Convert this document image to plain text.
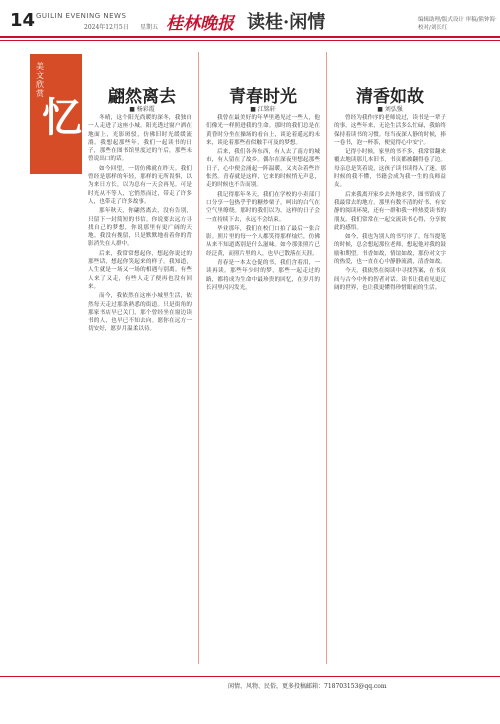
14 GUILIN EVENING NEWS
2024年12月5日 星期五 桂林晚报 读桂·闲情	编辑助理/版式设计 审稿/熊钟海·校对/刘长红
美文欣赏
忆	翩然离去
■ 杨彩霞

冬晴，这个阳光尚暖的深冬，我独自一人走进了这座小城。阳光透过窗户洒在地面上，光影斑驳，仿佛旧时光缓缓流淌。我想起那些年，我们一起读书的日子，那些在图书馆里度过的午后，那些未曾说出口的话。

如今回望，一切仿佛就在昨天。我们曾经是那样的年轻，那样的无所畏惧，以为来日方长，以为总有一天会再见。可是时光从不等人，它悄然而过，带走了许多人，也带走了许多故事。

那年秋天，你翩然离去，没有告别，只留下一封简短的书信。你说要去远方寻找自己的梦想，你说那里有更广阔的天地。我没有挽留，只是默默地看着你的背影消失在人群中。

后来，我常常想起你，想起你说过的那些话，想起你笑起来的样子。我知道，人生就是一场又一场的相遇与别离。有些人来了又走，有些人走了便再也没有回来。

而今，我依然在这座小城里生活，依然每天走过那条熟悉的街道。只是街角的那家书店早已关门，那个曾经坐在窗边读书的人，也早已不知去向。愿你在远方一切安好，愿岁月温柔以待。

青春时光
■ 江铭轩

我曾在最美好的年华里遇见过一些人，他们像光一样照进我的生命。那时的我们总是在黄昏时分坐在操场的看台上，谈论着遥远的未来，谈论着那些看似触手可及的梦想。

后来，我们各奔东西，有人去了南方的城市，有人留在了故乡。偶尔在深夜里想起那些日子，心中便会涌起一阵温暖，又夹杂着些许怅然。青春就是这样，它来的时候悄无声息，走的时候也不告而别。

我记得那年冬天，我们在学校的小卖部门口分享一包热乎乎的糖炒栗子，呵出的白气在空气里缭绕。那时的我们以为，这样的日子会一直持续下去，永远不会结束。

毕业那年，我们在校门口拍了最后一张合影。照片里的每一个人都笑得那样灿烂，仿佛从来不知道离别是什么滋味。如今那张照片已经泛黄，而照片里的人，也早已散落在天涯。

青春是一本太仓促的书，我们含着泪，一读再读。那些年少时的梦，那些一起走过的路，都将成为生命中最珍贵的回忆，在岁月的长河里闪闪发光。

清香如故
■ 刘弘强

曾经为我作序的老师说过，读书是一辈子的事。这些年来，无论生活多么忙碌，我始终保持着读书的习惯。每当夜深人静的时候，捧一卷书，泡一杯茶，便觉得心中安宁。

记得小时候，家里的书不多，我常常翻来覆去地读那几本旧书，书页都被翻得卷了边。母亲总是笑着说，这孩子读书读得入了迷。那时候的我不懂，书籍会成为我一生的良师益友。

后来我离开家乡去外地求学，图书馆成了我最常去的地方。那里有数不清的好书，有安静的阅读环境，还有一群和我一样热爱读书的朋友。我们常常在一起交流读书心得，分享彼此的感悟。

如今，我也为别人的书写序了。每当提笔的时候，总会想起那位老师，想起他对我的鼓励和期望。书香如故，情谊如故，那份对文字的热爱，也一直在心中静静流淌，清香如故。

今天，我依然在阅读中寻找答案，在书页间与古今中外的智者对话。读书让我看见更辽阔的世界，也让我更懂得珍惜眼前的生活。

闲情、风物、民俗，更多投稿邮箱：718703153@qq.com
